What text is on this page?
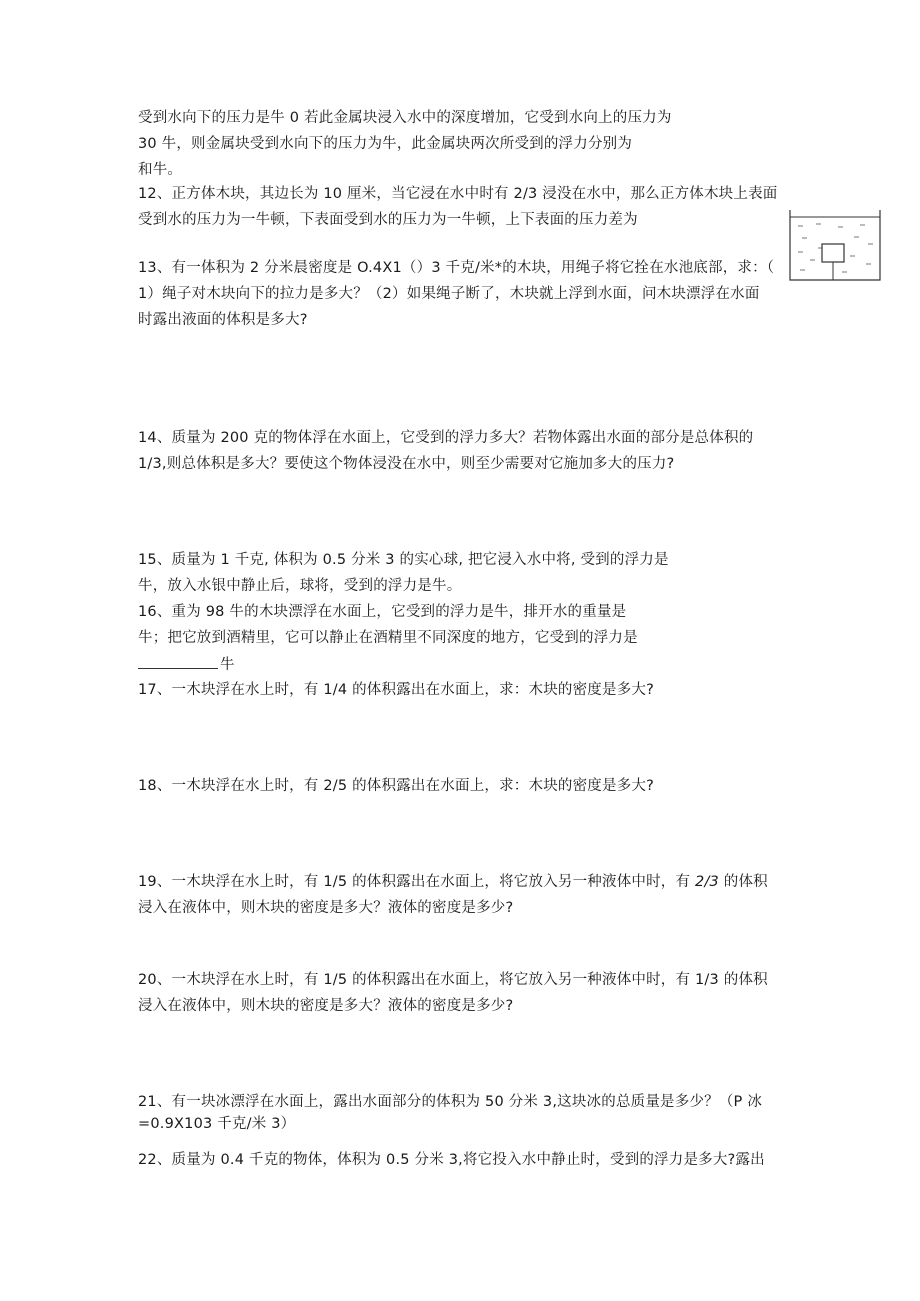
受到水向下的压力是牛 0 若此金属块浸入水中的深度增加，它受到水向上的压力为
30 牛，则金属块受到水向下的压力为牛，此金属块两次所受到的浮力分别为
和牛。
12、正方体木块，其边长为 10 厘米，当它浸在水中时有 2/3 浸没在水中，那么正方体木块上表面
受到水的压力为一牛顿，下表面受到水的压力为一牛顿，上下表面的压力差为
13、有一体积为 2 分米晨密度是 O.4X1（）3 千克/米*的木块，用绳子将它拴在水池底部，求：（
1）绳子对木块向下的拉力是多大？（2）如果绳子断了，木块就上浮到水面，问木块漂浮在水面
时露出液面的体积是多大?
14、质量为 200 克的物体浮在水面上，它受到的浮力多大？若物体露出水面的部分是总体积的
1/3,则总体积是多大？要使这个物体浸没在水中，则至少需要对它施加多大的压力?
15、质量为 1 千克, 体积为 0.5 分米 3 的实心球, 把它浸入水中将, 受到的浮力是
牛，放入水银中静止后，球将，受到的浮力是牛。
16、重为 98 牛的木块漂浮在水面上，它受到的浮力是牛，排开水的重量是
牛；把它放到酒精里，它可以静止在酒精里不同深度的地方，它受到的浮力是
牛
17、一木块浮在水上时，有 1/4 的体积露出在水面上，求：木块的密度是多大?
18、一木块浮在水上时，有 2/5 的体积露出在水面上，求：木块的密度是多大?
19、一木块浮在水上时，有 1/5 的体积露出在水面上，将它放入另一种液体中时，有 2/3 的体积
浸入在液体中，则木块的密度是多大？液体的密度是多少?
20、一木块浮在水上时，有 1/5 的体积露出在水面上，将它放入另一种液体中时，有 1/3 的体积
浸入在液体中，则木块的密度是多大？液体的密度是多少?
21、有一块冰漂浮在水面上，露出水面部分的体积为 50 分米 3,这块冰的总质量是多少？（P 冰
=0.9X103 千克/米 3）
22、质量为 0.4 千克的物体，体积为 0.5 分米 3,将它投入水中静止时，受到的浮力是多大?露出
